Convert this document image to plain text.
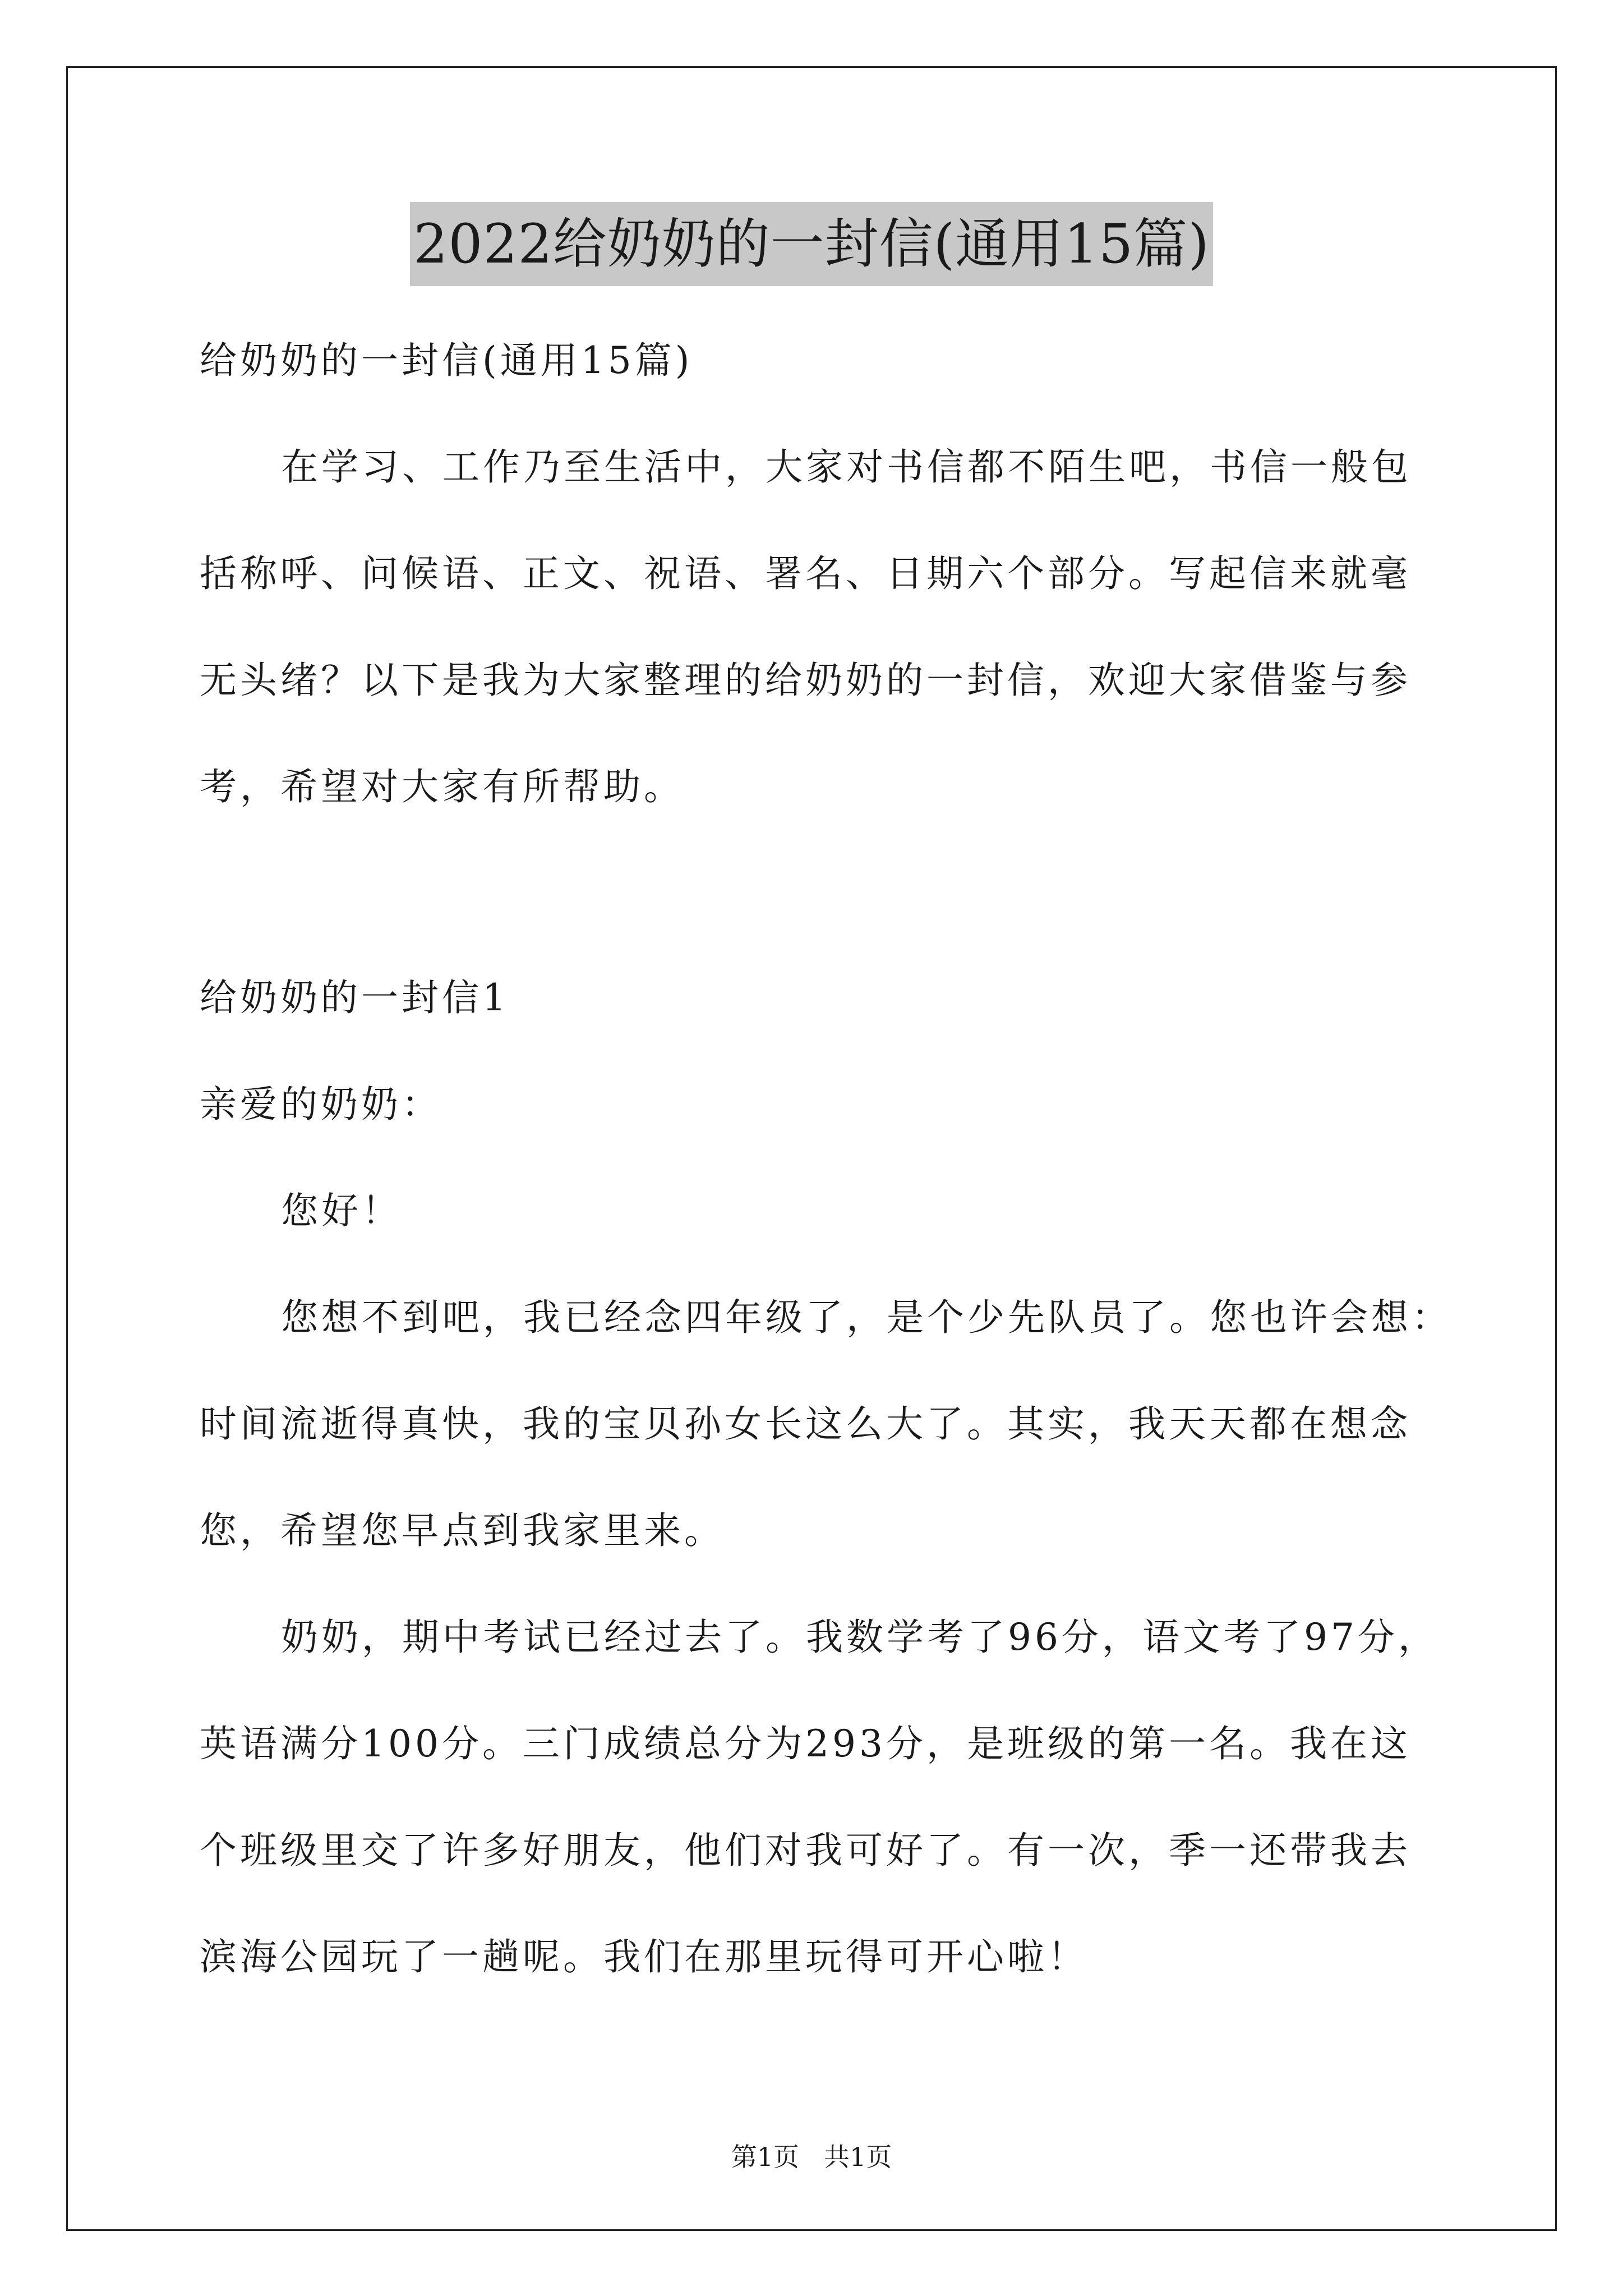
2022给奶奶的一封信(通用15篇)
给奶奶的一封信(通用15篇)
在学习、工作乃至生活中，大家对书信都不陌生吧，书信一般包
括称呼、问候语、正文、祝语、署名、日期六个部分。写起信来就毫
无头绪？以下是我为大家整理的给奶奶的一封信，欢迎大家借鉴与参
考，希望对大家有所帮助。
给奶奶的一封信1
亲爱的奶奶：
您好！
您想不到吧，我已经念四年级了，是个少先队员了。您也许会想：
时间流逝得真快，我的宝贝孙女长这么大了。其实，我天天都在想念
您，希望您早点到我家里来。
奶奶，期中考试已经过去了。我数学考了96分，语文考了97分，
英语满分100分。三门成绩总分为293分，是班级的第一名。我在这
个班级里交了许多好朋友，他们对我可好了。有一次，季一还带我去
滨海公园玩了一趟呢。我们在那里玩得可开心啦！
第1页 共1页
